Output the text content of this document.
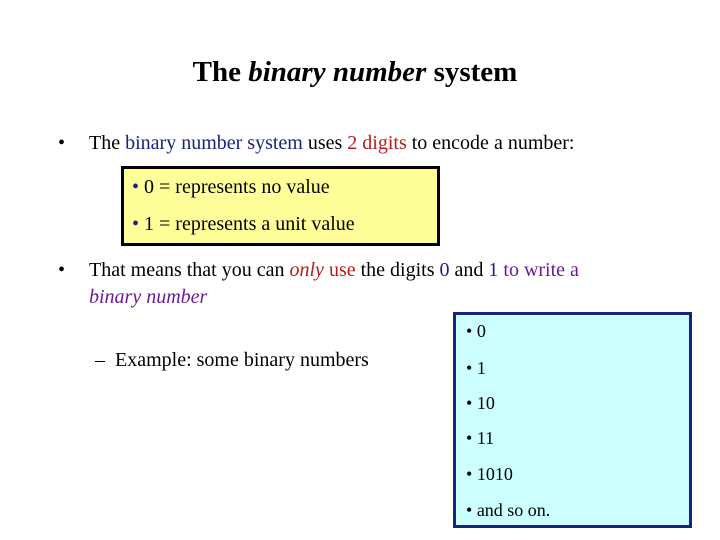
The binary number system
• The binary number system uses 2 digits to encode a number:
• 0 = represents no value
• 1 = represents a unit value
• That means that you can only use the digits 0 and 1 to write a
binary number
–  Example: some binary numbers
• 0
• 1
• 10
• 11
• 1010
• and so on.
